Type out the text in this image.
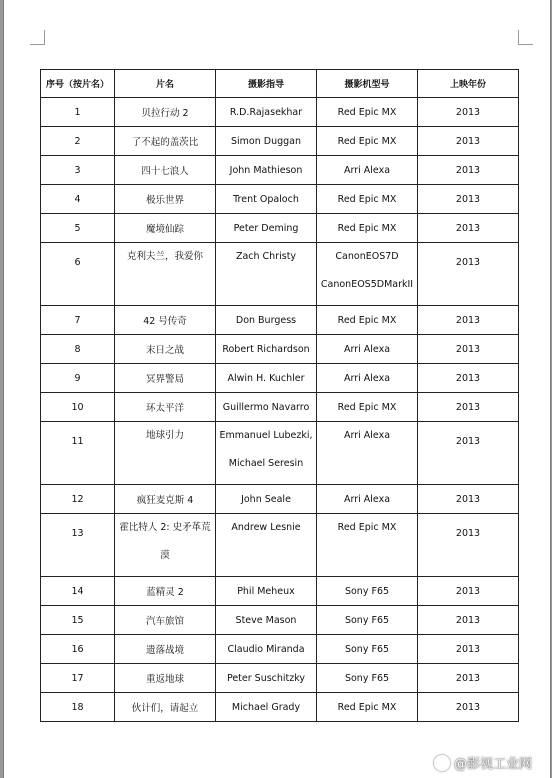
序号（按片名）	片名	摄影指导	摄影机型号	上映年份
1	贝拉行动 2	R.D.Rajasekhar	Red Epic MX	2013
2	了不起的盖茨比	Simon Duggan	Red Epic MX	2013
3	四十七浪人	John Mathieson	Arri Alexa	2013
4	极乐世界	Trent Opaloch	Red Epic MX	2013
5	魔境仙踪	Peter Deming	Red Epic MX	2013
6	克利夫兰，我爱你	Zach Christy	CanonEOS7D
CanonEOS5DMarkII	2013
7	42 号传奇	Don Burgess	Red Epic MX	2013
8	末日之战	Robert Richardson	Arri Alexa	2013
9	冥界警局	Alwin H. Kuchler	Arri Alexa	2013
10	环太平洋	Guillermo Navarro	Red Epic MX	2013
11	地球引力	Emmanuel Lubezki,
Michael Seresin	Arri Alexa	2013
12	疯狂麦克斯 4	John Seale	Arri Alexa	2013
13	霍比特人 2: 史矛革荒
漠	Andrew Lesnie	Red Epic MX	2013
14	蓝精灵 2	Phil Meheux	Sony F65	2013
15	汽车旅馆	Steve Mason	Sony F65	2013
16	遗落战境	Claudio Miranda	Sony F65	2013
17	重返地球	Peter Suschitzky	Sony F65	2013
18	伙计们，请起立	Michael Grady	Red Epic MX	2013
@影视工业网
